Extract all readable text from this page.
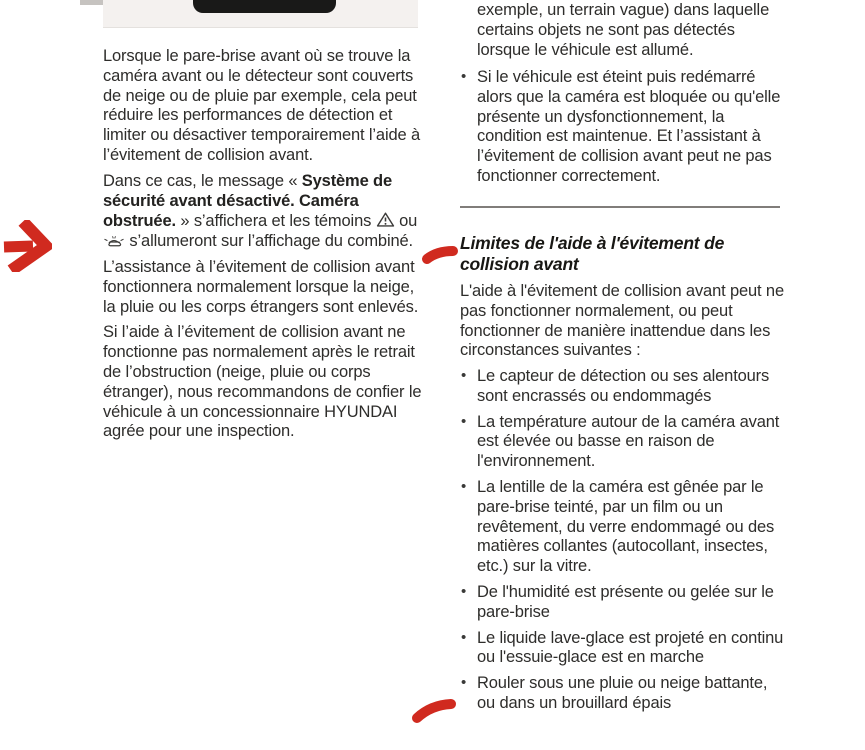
Lorsque le pare-brise avant où se trouve la caméra avant ou le détecteur sont couverts de neige ou de pluie par exemple, cela peut réduire les performances de détection et limiter ou désactiver temporairement l’aide à l’évitement de collision avant.

Dans ce cas, le message « Système de sécurité avant désactivé. Caméra obstruée. » s’affichera et les témoins  ou  s’allumeront sur l’affichage du combiné.

L’assistance à l’évitement de collision avant fonctionnera normalement lorsque la neige, la pluie ou les corps étrangers sont enlevés.

Si l’aide à l’évitement de collision avant ne fonctionne pas normalement après le retrait de l’obstruction (neige, pluie ou corps étranger), nous recommandons de confier le véhicule à un concessionnaire HYUNDAI agrée pour une inspection.

exemple, un terrain vague) dans laquelle certains objets ne sont pas détectés lorsque le véhicule est allumé.

• Si le véhicule est éteint puis redémarré alors que la caméra est bloquée ou qu'elle présente un dysfonctionnement, la condition est maintenue. Et l’assistant à l’évitement de collision avant peut ne pas fonctionner correctement.
Limites de l'aide à l'évitement de collision avant

L'aide à l'évitement de collision avant peut ne pas fonctionner normalement, ou peut fonctionner de manière inattendue dans les circonstances suivantes :

• Le capteur de détection ou ses alentours sont encrassés ou endommagés
• La température autour de la caméra avant est élevée ou basse en raison de l'environnement.
• La lentille de la caméra est gênée par le pare-brise teinté, par un film ou un revêtement, du verre endommagé ou des matières collantes (autocollant, insectes, etc.) sur la vitre.
• De l'humidité est présente ou gelée sur le pare-brise
• Le liquide lave-glace est projeté en continu ou l'essuie-glace est en marche
• Rouler sous une pluie ou neige battante, ou dans un brouillard épais
